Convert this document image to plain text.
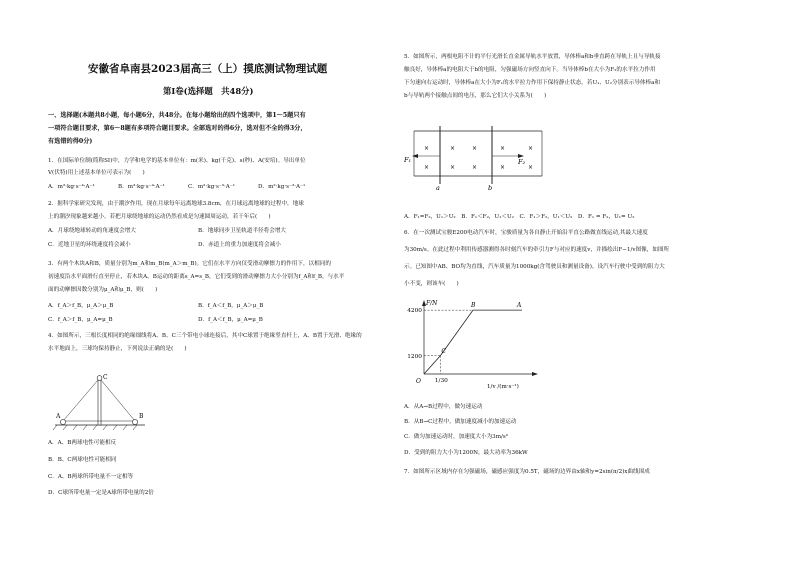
安徽省阜南县2023届高三（上）摸底测试物理试题
第Ⅰ卷(选择题　共48分)
一、选择题(本题共8小题，每小题6分，共48分。在每小题给出的四个选项中，第1～5题只有
一项符合题目要求，第6～8题有多项符合题目要求。全部选对的得6分，选对但不全的得3分，
有选错的得0分)
1．在国际单位制(简称SI)中，力学和电学的基本单位有：m(米)、kg(千克)、s(秒)、A(安培)。导出单位
V(伏特)用上述基本单位可表示为(　　)
A．m²·kg·s⁻⁴·A⁻¹	B．m³·kg·s⁻⁴·A⁻¹	C．m²·kg·s⁻³·A⁻¹	D．m²·kg·s⁻³·A⁻¹
2．据科学家研究发现，由于潮汐作用，现在月球每年远离地球3.8cm，在月球远离地球的过程中，地球
上的潮汐现象越来越小。若把月球绕地球的运动仍然看成是匀速圆周运动，若干年后(　　)
A．月球绕地球转动的角速度会增大	B．地球同步卫星轨道半径将会增大
C．近地卫星的环绕速度将会减小	D．赤道上的重力加速度将会减小
3．有两个木块A和B，质量分别为m_A和m_B(m_A＞m_B)。它们在水平方向仅受滑动摩擦力的作用下，以相同的
初速度沿水平面滑行直至停止，若木块A、B运动的距离s_A=s_B，它们受到的滑动摩擦力大小分别为f_A和f_B，与水平
面的动摩擦因数分别为μ_A和μ_B，则(　　)
A．f_A＞f_B，μ_A＞μ_B	B．f_A＜f_B，μ_A＞μ_B
C．f_A＞f_B，μ_A=μ_B	D．f_A＜f_B，μ_A=μ_B
4．如图所示，三根长度相同的绝缘细线将A、B、C三个带电小球连接后，其中C球置于绝缘竖直杆上，A、B置于光滑、绝缘的
水平地面上，三球均保持静止，下列说法正确的是(　　)
C
A	B
A．A、B两球电性可能相反
B．B、C两球电性可能相同
C．A、B两球所带电量不一定相等
D．C球所带电量一定是A球所带电量的2倍
5．如图所示，两根电阻不计的平行光滑长直金属导轨水平放置，导体棒a和b垂直跨在导轨上且与导轨接
触良好，导体棒a的电阻大于b的电阻，匀强磁场方向竖直向下。当导体棒b在大小为F₂的水平拉力作用
下匀速向右运动时，导体棒a在大小为F₁的水平拉力作用下保持静止状态。若U₁、U₂分别表示导体棒a和
b与导轨两个接触点间的电压，那么它们大小关系为(　　)
×	×	×	×	×
×	×	×	×	×
F₁	F₂
a	b
A．F₁=F₂，U₁＞U₂　B．F₁＜F₂，U₁＜U₂　C．F₁＞F₂，U₁＜U₂　D．F₁ = F₂，U₁= U₂
6．在一次测试宝骏E200电动汽车时，宝骏质量为各自静止开始沿平直公路做直线运动,其最大速度
为30m/s。在此过程中利用传感器测得各时刻汽车的牵引力F与对应的速度v，并描绘出F−1/v图像，如图所
示。已知图中AB、BO均为直线，汽车质量为1000kg(含驾驶员和测量设备)，设汽车行驶中受到的阻力大
小不变，则该车(　　)
F/N
1/v /(m·s⁻¹)
O
4200
1200
1/30
C
B	A
A．从A→B过程中，做匀速运动
B．从B→C过程中，做加速度减小的加速运动
C．做匀加速运动时，加速度大小为3m/s²
D．受到的阻力大小为1200N，最大功率为36kW
7．如图所示区域内存在匀强磁场，磁感应强度为0.5T，磁场的边界由x轴和y=2sin(π/2)x曲线围成
